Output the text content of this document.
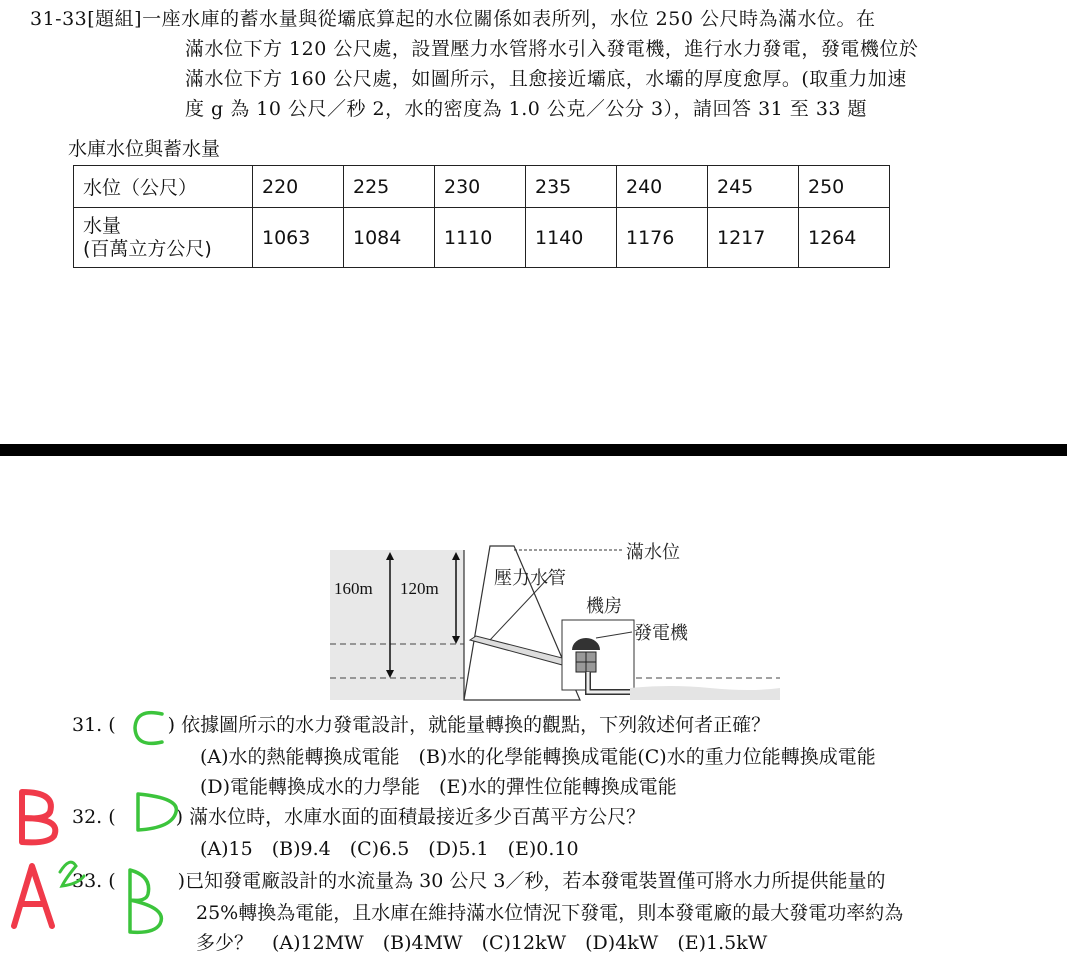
31-33[題組]一座水庫的蓄水量與從壩底算起的水位關係如表所列，水位 250 公尺時為滿水位。在
滿水位下方 120 公尺處，設置壓力水管將水引入發電機，進行水力發電，發電機位於
滿水位下方 160 公尺處，如圖所示，且愈接近壩底，水壩的厚度愈厚。(取重力加速
度 g 為 10 公尺／秒 2，水的密度為 1.0 公克／公分 3），請回答 31 至 33 題
水庫水位與蓄水量
水位（公尺）	220	225	230	235	240	245	250
水量
(百萬立方公尺)	1063	1084	1110	1140	1176	1217	1264
滿水位
160m 120m	壓力水管
機房
發電機
31. (	) 依據圖所示的水力發電設計，就能量轉換的觀點，下列敘述何者正確？
(A)水的熱能轉換成電能　(B)水的化學能轉換成電能(C)水的重力位能轉換成電能
(D)電能轉換成水的力學能　(E)水的彈性位能轉換成電能
32. (	) 滿水位時，水庫水面的面積最接近多少百萬平方公尺？
(A)15　(B)9.4　(C)6.5　(D)5.1　(E)0.10
33. (	)已知發電廠設計的水流量為 30 公尺 3／秒，若本發電裝置僅可將水力所提供能量的
25%轉換為電能，且水庫在維持滿水位情況下發電，則本發電廠的最大發電功率約為
多少？　(A)12MW　(B)4MW　(C)12kW　(D)4kW　(E)1.5kW
